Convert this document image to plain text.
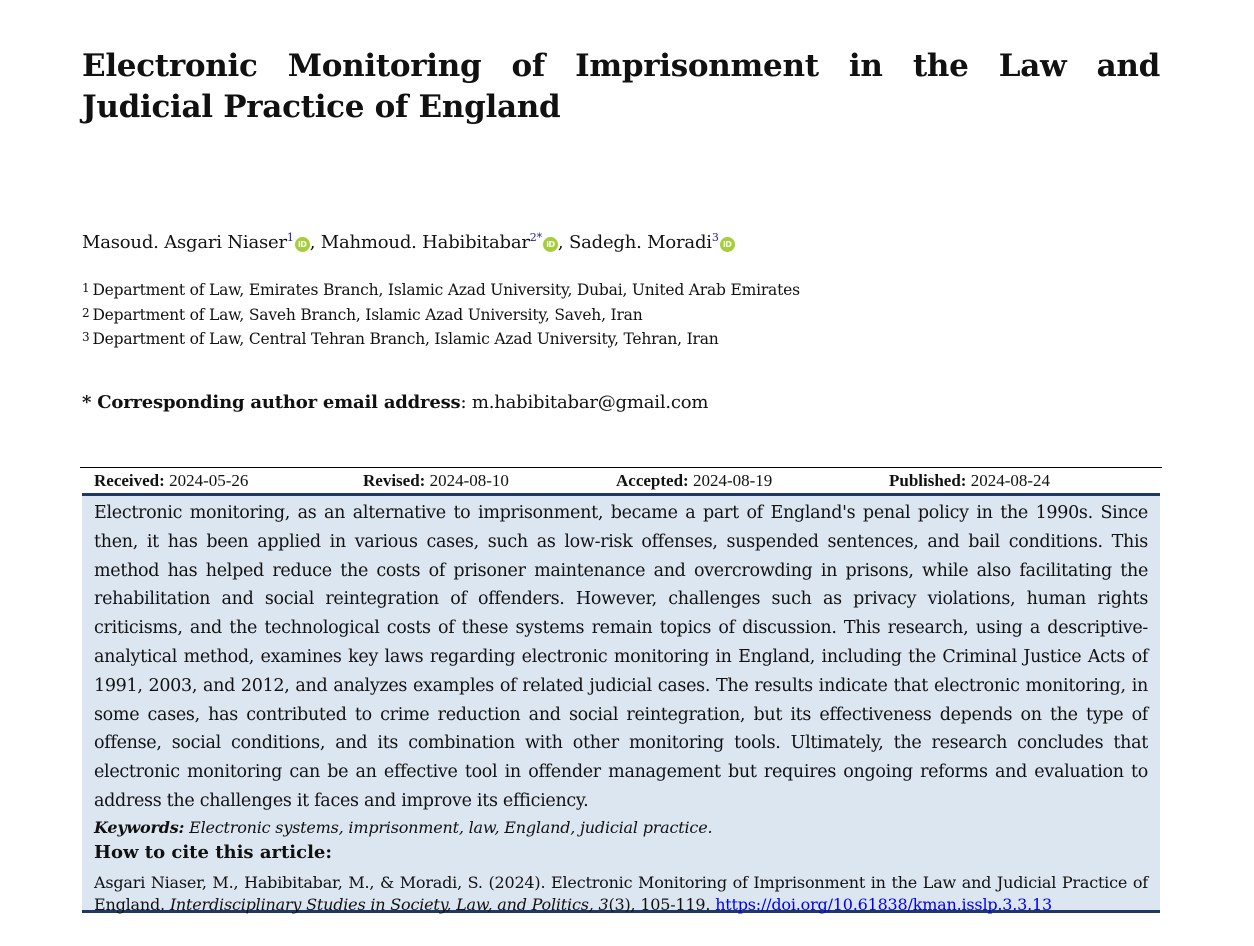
Electronic Monitoring of Imprisonment in the Law and Judicial Practice of England
Masoud. Asgari Niaser$^1$iD , Mahmoud. Habibitabar$^{2*}$iD , Sadegh. Moradi$^3$iD
1 Department of Law, Emirates Branch, Islamic Azad University, Dubai, United Arab Emirates
2 Department of Law, Saveh Branch, Islamic Azad University, Saveh, Iran
3 Department of Law, Central Tehran Branch, Islamic Azad University, Tehran, Iran
* Corresponding author email address: m.habibitabar@gmail.com
Received: 2024-05-26	Revised: 2024-08-10	Accepted: 2024-08-19	Published: 2024-08-24

Electronic monitoring, as an alternative to imprisonment, became a part of England's penal policy in the 1990s. Since then, it has been applied in various cases, such as low-risk offenses, suspended sentences, and bail conditions. This method has helped reduce the costs of prisoner maintenance and overcrowding in prisons, while also facilitating the rehabilitation and social reintegration of offenders. However, challenges such as privacy violations, human rights criticisms, and the technological costs of these systems remain topics of discussion. This research, using a descriptive-analytical method, examines key laws regarding electronic monitoring in England, including the Criminal Justice Acts of 1991, 2003, and 2012, and analyzes examples of related judicial cases. The results indicate that electronic monitoring, in some cases, has contributed to crime reduction and social reintegration, but its effectiveness depends on the type of offense, social conditions, and its combination with other monitoring tools. Ultimately, the research concludes that electronic monitoring can be an effective tool in offender management but requires ongoing reforms and evaluation to address the challenges it faces and improve its efficiency.

Keywords: Electronic systems, imprisonment, law, England, judicial practice.
How to cite this article:

Asgari Niaser, M., Habibitabar, M., & Moradi, S. (2024). Electronic Monitoring of Imprisonment in the Law and Judicial Practice of England. Interdisciplinary Studies in Society, Law, and Politics, 3(3), 105-119. https://doi.org/10.61838/kman.isslp.3.3.13
